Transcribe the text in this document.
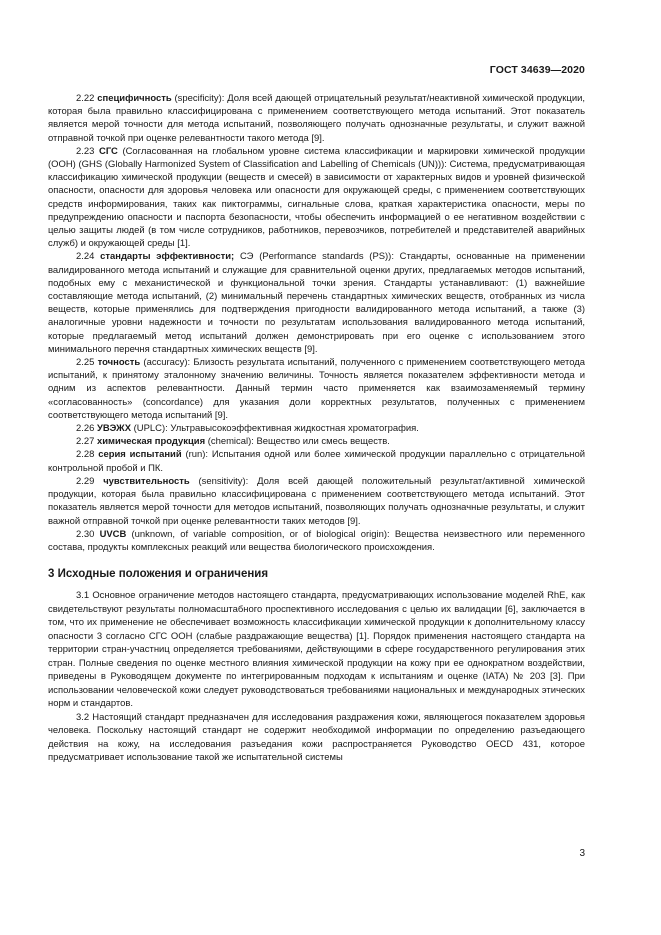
ГОСТ 34639—2020

2.22 специфичность (specificity): Доля всей дающей отрицательный результат/неактивной химической продукции, которая была правильно классифицирована с применением соответствующего метода испытаний. Этот показатель является мерой точности для метода испытаний, позволяющего получать однозначные результаты, и служит важной отправной точкой при оценке релевантности такого метода [9].

2.23 СГС (Согласованная на глобальном уровне система классификации и маркировки химической продукции (ООН) (GHS (Globally Harmonized System of Classification and Labelling of Chemicals (UN))): Система, предусматривающая классификацию химической продукции (веществ и смесей) в зависимости от характерных видов и уровней физической опасности, опасности для здоровья человека или опасности для окружающей среды, с применением соответствующих средств информирования, таких как пиктограммы, сигнальные слова, краткая характеристика опасности, меры по предупреждению опасности и паспорта безопасности, чтобы обеспечить информацией о ее негативном воздействии с целью защиты людей (в том числе сотрудников, работников, перевозчиков, потребителей и представителей аварийных служб) и окружающей среды [1].

2.24 стандарты эффективности; СЭ (Performance standards (PS)): Стандарты, основанные на применении валидированного метода испытаний и служащие для сравнительной оценки других, предлагаемых методов испытаний, подобных ему с механистической и функциональной точки зрения. Стандарты устанавливают: (1) важнейшие составляющие метода испытаний, (2) минимальный перечень стандартных химических веществ, отобранных из числа веществ, которые применялись для подтверждения пригодности валидированного метода испытаний, а также (3) аналогичные уровни надежности и точности по результатам использования валидированного метода испытаний, которые предлагаемый метод испытаний должен демонстрировать при его оценке с использованием этого минимального перечня стандартных химических веществ [9].

2.25 точность (accuracy): Близость результата испытаний, полученного с применением соответствующего метода испытаний, к принятому эталонному значению величины. Точность является показателем эффективности метода и одним из аспектов релевантности. Данный термин часто применяется как взаимозаменяемый термину «согласованность» (concordance) для указания доли корректных результатов, полученных с применением соответствующего метода испытаний [9].

2.26 УВЭЖХ (UPLC): Ультравысокоэффективная жидкостная хроматография.

2.27 химическая продукция (chemical): Вещество или смесь веществ.

2.28 серия испытаний (run): Испытания одной или более химической продукции параллельно с отрицательной контрольной пробой и ПК.

2.29 чувствительность (sensitivity): Доля всей дающей положительный результат/активной химической продукции, которая была правильно классифицирована с применением соответствующего метода испытаний. Этот показатель является мерой точности для методов испытаний, позволяющих получать однозначные результаты, и служит важной отправной точкой при оценке релевантности таких методов [9].

2.30 UVCB (unknown, of variable composition, or of biological origin): Вещества неизвестного или переменного состава, продукты комплексных реакций или вещества биологического происхождения.

3 Исходные положения и ограничения

3.1 Основное ограничение методов настоящего стандарта, предусматривающих использование моделей RhE, как свидетельствуют результаты полномасштабного проспективного исследования с целью их валидации [6], заключается в том, что их применение не обеспечивает возможность классификации химической продукции к дополнительному классу опасности 3 согласно СГС ООН (слабые раздражающие вещества) [1]. Порядок применения настоящего стандарта на территории стран-участниц определяется требованиями, действующими в сфере государственного регулирования этих стран. Полные сведения по оценке местного влияния химической продукции на кожу при ее однократном воздействии, приведены в Руководящем документе по интегрированным подходам к испытаниям и оценке (IATA) № 203 [3]. При использовании человеческой кожи следует руководствоваться требованиями национальных и международных этических норм и стандартов.

3.2 Настоящий стандарт предназначен для исследования раздражения кожи, являющегося показателем здоровья человека. Поскольку настоящий стандарт не содержит необходимой информации по определению разъедающего действия на кожу, на исследования разъедания кожи распространяется Руководство OECD 431, которое предусматривает использование такой же испытательной системы

3
